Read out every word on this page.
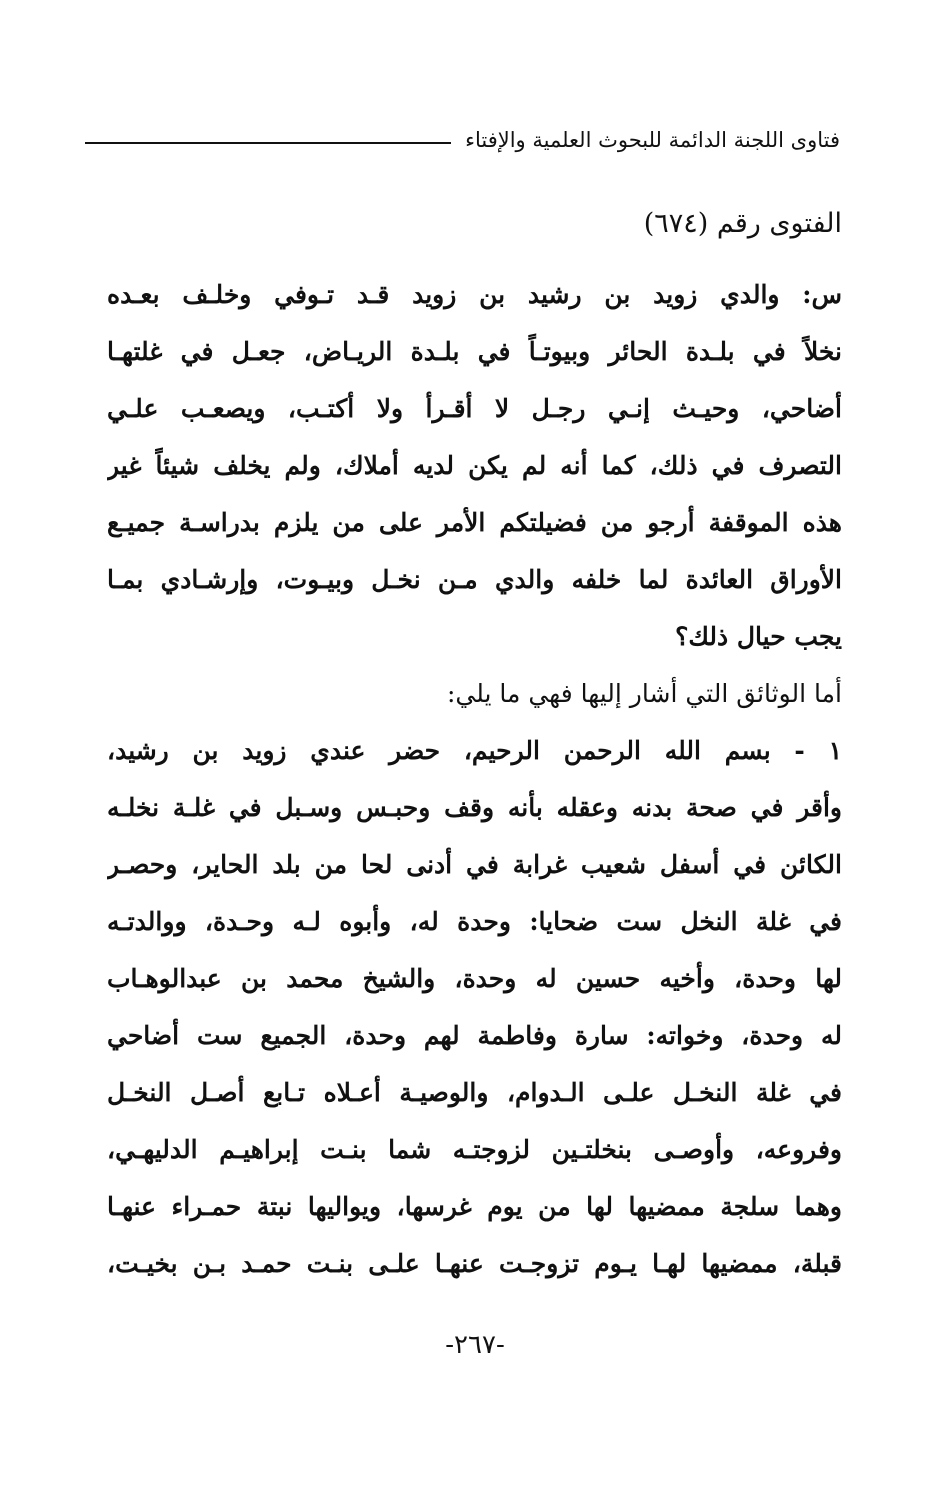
فتاوى اللجنة الدائمة للبحوث العلمية والإفتاء
الفتوى رقم (٦٧٤)
س: والدي زويد بن رشيد بن زويد قـد تـوفي وخلـف بعـده
نخلاً في بلـدة الحائر وبيوتـاً في بلـدة الريـاض، جعـل في غلتهـا
أضاحي، وحيـث إنـي رجـل لا أقـرأ ولا أكتـب، ويصعـب علـي
التصرف في ذلك، كما أنه لم يكن لديه أملاك، ولم يخلف شيئاً غير
هذه الموقفة أرجو من فضيلتكم الأمر على من يلزم بدراسـة جميـع
الأوراق العائدة لما خلفه والدي مـن نخـل وبيـوت، وإرشـادي بمـا
يجب حيال ذلك؟
أما الوثائق التي أشار إليها فهي ما يلي:
١ - بسم الله الرحمن الرحيم، حضر عندي زويد بن رشيد،
وأقر في صحة بدنه وعقله بأنه وقف وحبـس وسـبل في غلـة نخلـه
الكائن في أسفل شعيب غرابة في أدنى لحا من بلد الحاير، وحصـر
في غلة النخل ست ضحايا: وحدة له، وأبوه لـه وحـدة، ووالدتـه
لها وحدة، وأخيه حسين له وحدة، والشيخ محمد بن عبدالوهـاب
له وحدة، وخواته: سارة وفاطمة لهم وحدة، الجميع ست أضاحي
في غلة النخـل علـى الـدوام، والوصيـة أعـلاه تـابع أصـل النخـل
وفروعه، وأوصـى بنخلتـين لزوجتـه شما بنـت إبراهيـم الدليهـي،
وهما سلجة ممضيها لها من يوم غرسها، ويواليها نبتة حمـراء عنهـا
قبلة، ممضيها لهـا يـوم تزوجـت عنهـا علـى بنـت حمـد بـن بخيـت،
-٢٦٧-
